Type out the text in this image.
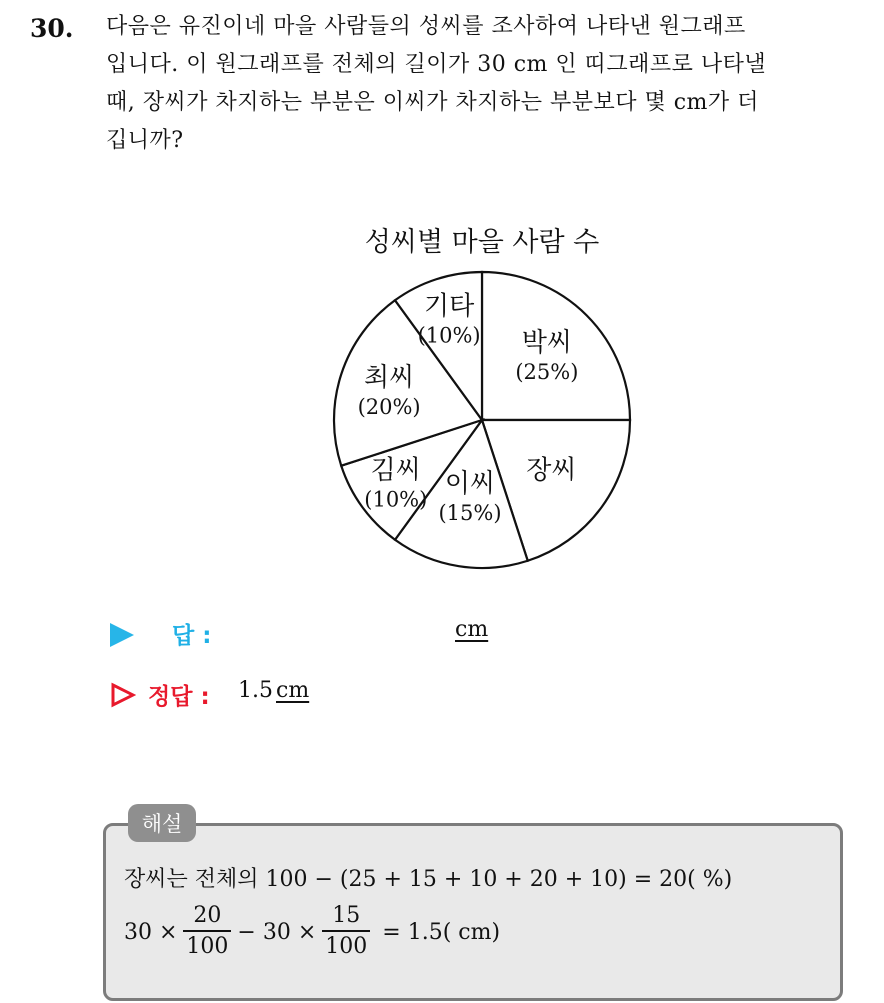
30. 다음은 유진이네 마을 사람들의 성씨를 조사하여 나타낸 원그래프
입니다. 이 원그래프를 전체의 길이가 30 cm 인 띠그래프로 나타낼
때, 장씨가 차지하는 부분은 이씨가 차지하는 부분보다 몇 cm가 더
깁니까?
성씨별 마을 사람 수
박씨
(25%)
장씨
이씨
(15%)
김씨
(10%)
최씨
(20%)
기타
(10%)
답 :	cm
정답 : 1.5 cm
해설
장씨는 전체의 100 − (25 + 15 + 10 + 20 + 10) = 20( %)
$30 \times \frac{20}{100} - 30 \times \frac{15}{100} = 1.5$( cm)
